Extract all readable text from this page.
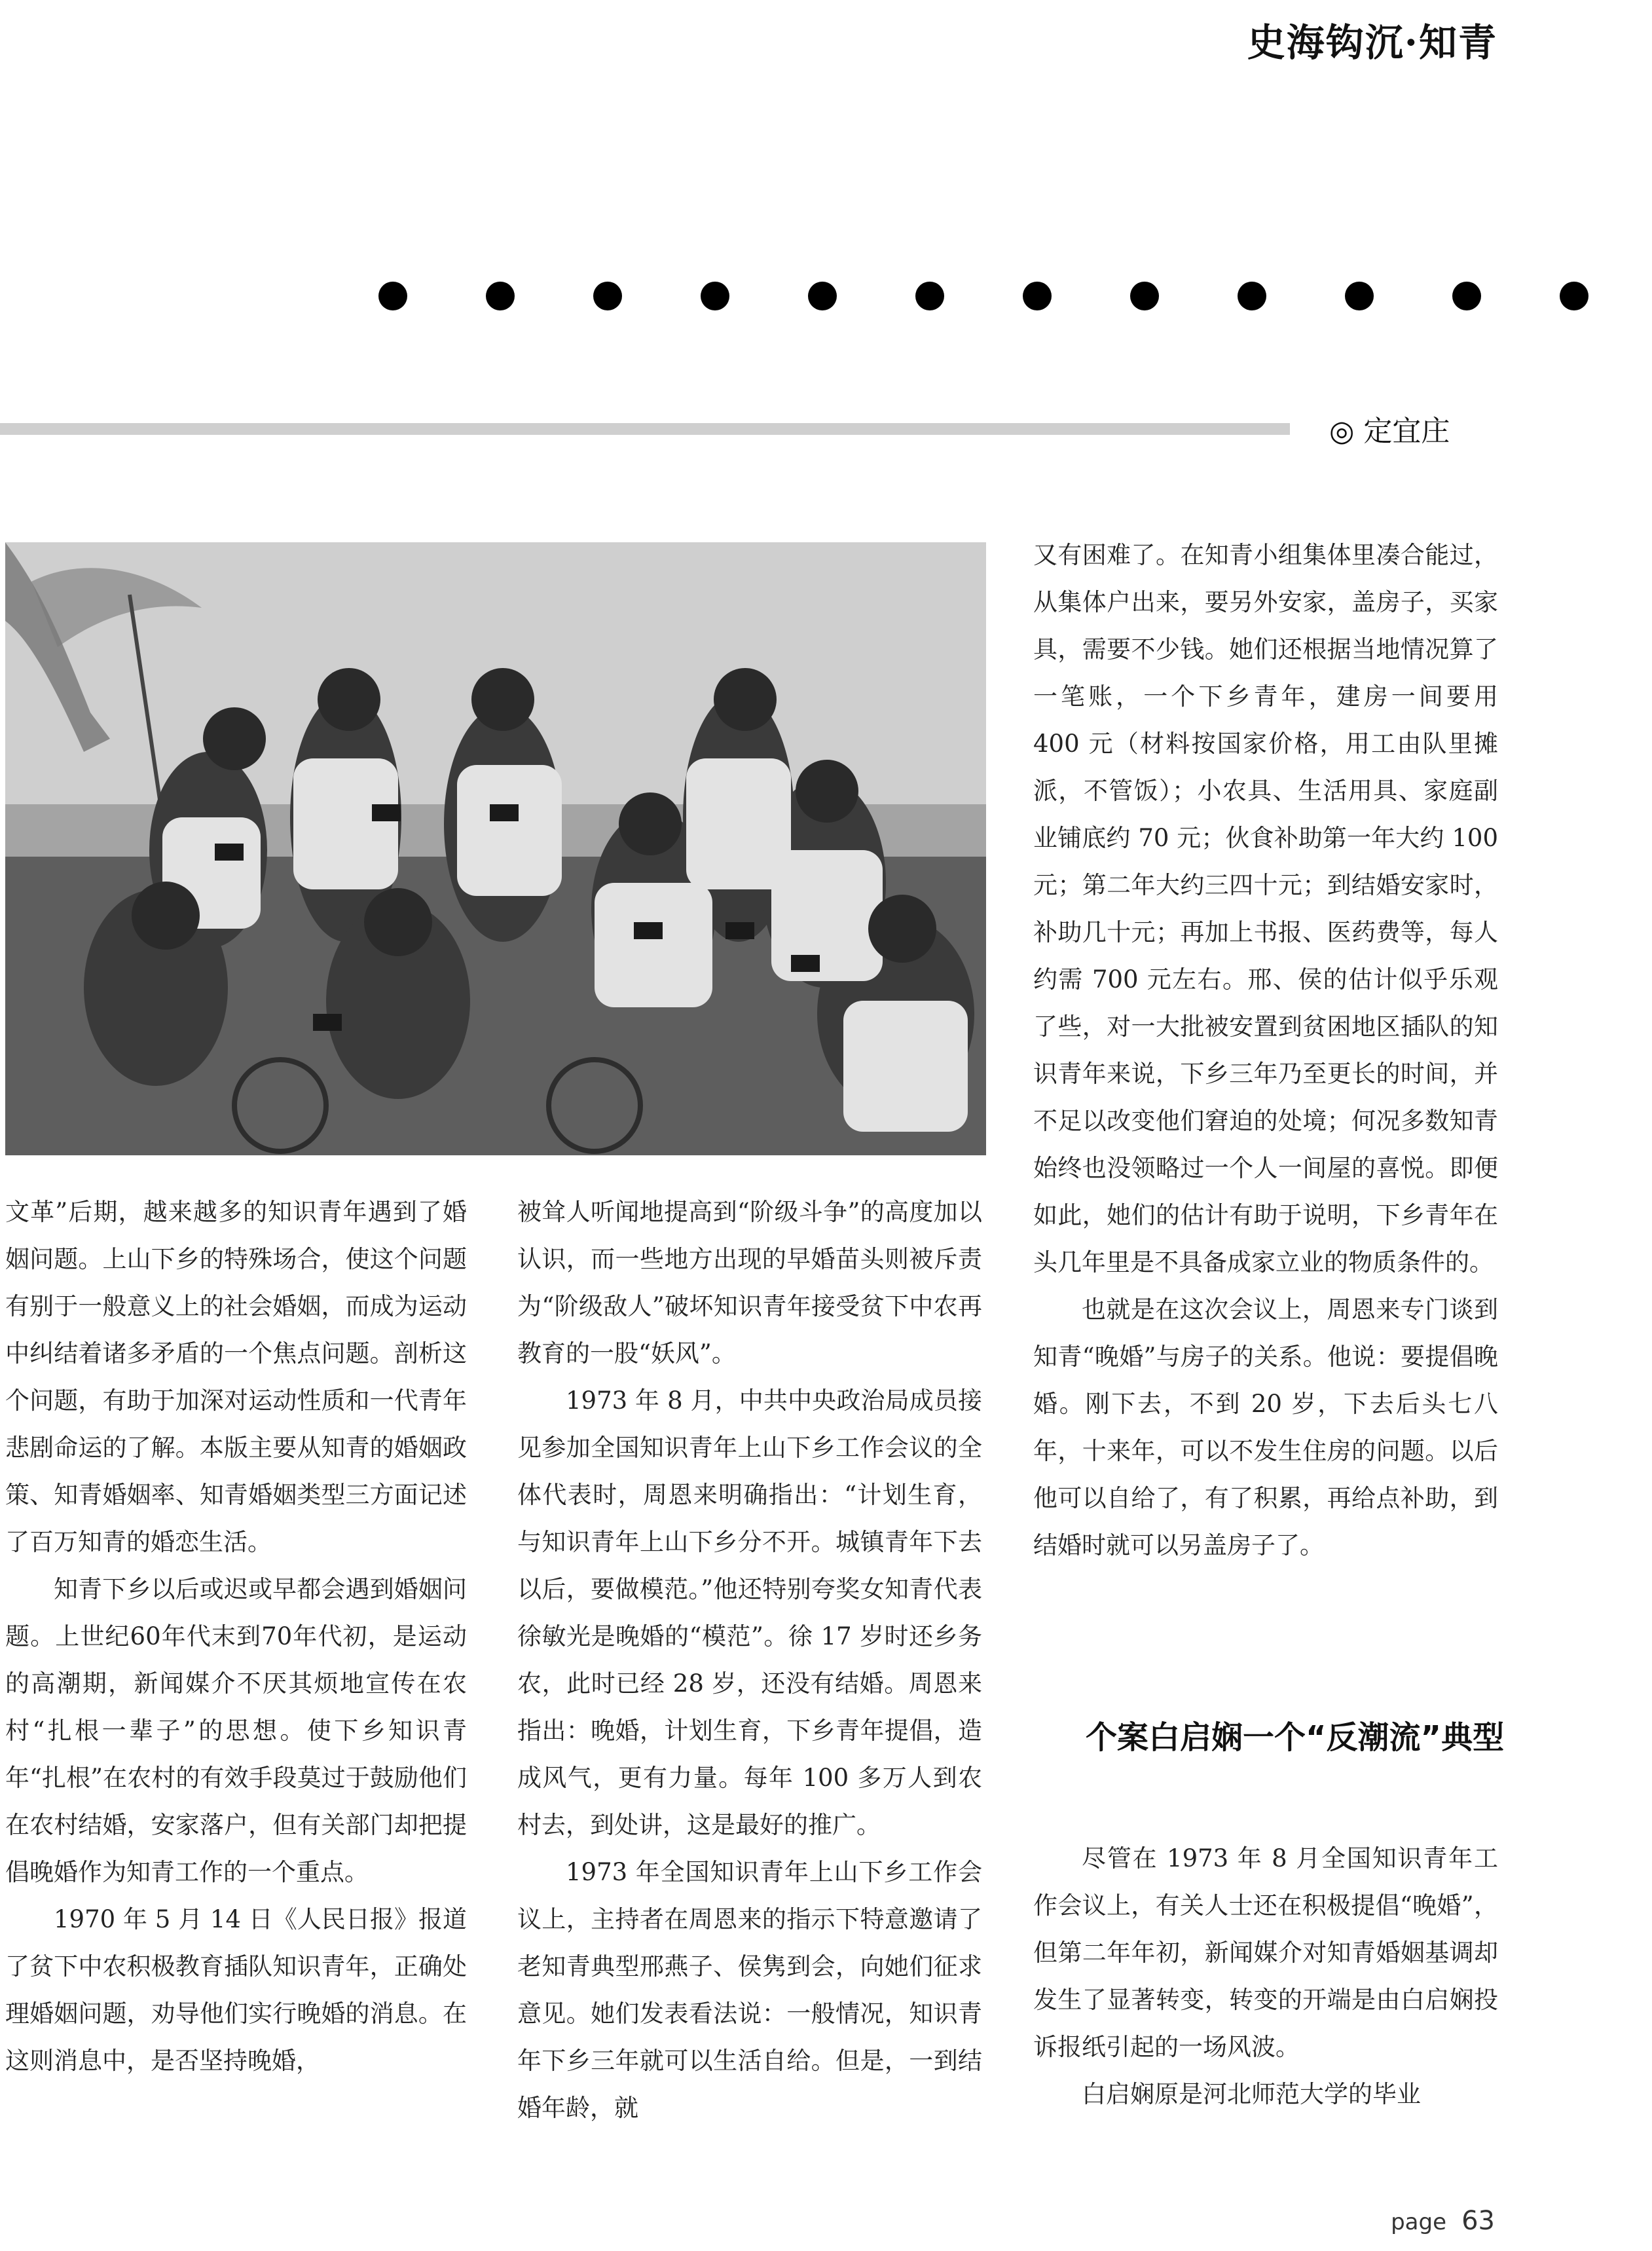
史海钩沉·知青
◎ 定宜庄

文革”后期，越来越多的知识青年遇到了婚姻问题。上山下乡的特殊场合，使这个问题有别于一般意义上的社会婚姻，而成为运动中纠结着诸多矛盾的一个焦点问题。剖析这个问题，有助于加深对运动性质和一代青年悲剧命运的了解。本版主要从知青的婚姻政策、知青婚姻率、知青婚姻类型三方面记述了百万知青的婚恋生活。

知青下乡以后或迟或早都会遇到婚姻问题。上世纪60年代末到70年代初，是运动的高潮期，新闻媒介不厌其烦地宣传在农村“扎根一辈子”的思想。使下乡知识青年“扎根”在农村的有效手段莫过于鼓励他们在农村结婚，安家落户，但有关部门却把提倡晚婚作为知青工作的一个重点。

1970 年 5 月 14 日《人民日报》报道了贫下中农积极教育插队知识青年，正确处理婚姻问题，劝导他们实行晚婚的消息。在这则消息中，是否坚持晚婚，

被耸人听闻地提高到“阶级斗争”的高度加以认识，而一些地方出现的早婚苗头则被斥责为“阶级敌人”破坏知识青年接受贫下中农再教育的一股“妖风”。

1973 年 8 月，中共中央政治局成员接见参加全国知识青年上山下乡工作会议的全体代表时，周恩来明确指出：“计划生育，与知识青年上山下乡分不开。城镇青年下去以后，要做模范。”他还特别夸奖女知青代表徐敏光是晚婚的“模范”。徐 17 岁时还乡务农，此时已经 28 岁，还没有结婚。周恩来指出：晚婚，计划生育，下乡青年提倡，造成风气，更有力量。每年 100 多万人到农村去，到处讲，这是最好的推广。

1973 年全国知识青年上山下乡工作会议上，主持者在周恩来的指示下特意邀请了老知青典型邢燕子、侯隽到会，向她们征求意见。她们发表看法说：一般情况，知识青年下乡三年就可以生活自给。但是，一到结婚年龄，就

又有困难了。在知青小组集体里凑合能过，从集体户出来，要另外安家，盖房子，买家具，需要不少钱。她们还根据当地情况算了一笔账，一个下乡青年，建房一间要用 400 元（材料按国家价格，用工由队里摊派，不管饭）；小农具、生活用具、家庭副业铺底约 70 元；伙食补助第一年大约 100 元；第二年大约三四十元；到结婚安家时，补助几十元；再加上书报、医药费等，每人约需 700 元左右。邢、侯的估计似乎乐观了些，对一大批被安置到贫困地区插队的知识青年来说，下乡三年乃至更长的时间，并不足以改变他们窘迫的处境；何况多数知青始终也没领略过一个人一间屋的喜悦。即便如此，她们的估计有助于说明，下乡青年在头几年里是不具备成家立业的物质条件的。

也就是在这次会议上，周恩来专门谈到知青“晚婚”与房子的关系。他说：要提倡晚婚。刚下去，不到 20 岁，下去后头七八年，十来年，可以不发生住房的问题。以后他可以自给了，有了积累，再给点补助，到结婚时就可以另盖房子了。

个案白启娴一个“反潮流”典型

尽管在 1973 年 8 月全国知识青年工作会议上，有关人士还在积极提倡“晚婚”，但第二年年初，新闻媒介对知青婚姻基调却发生了显著转变，转变的开端是由白启娴投诉报纸引起的一场风波。

白启娴原是河北师范大学的毕业

page 63
